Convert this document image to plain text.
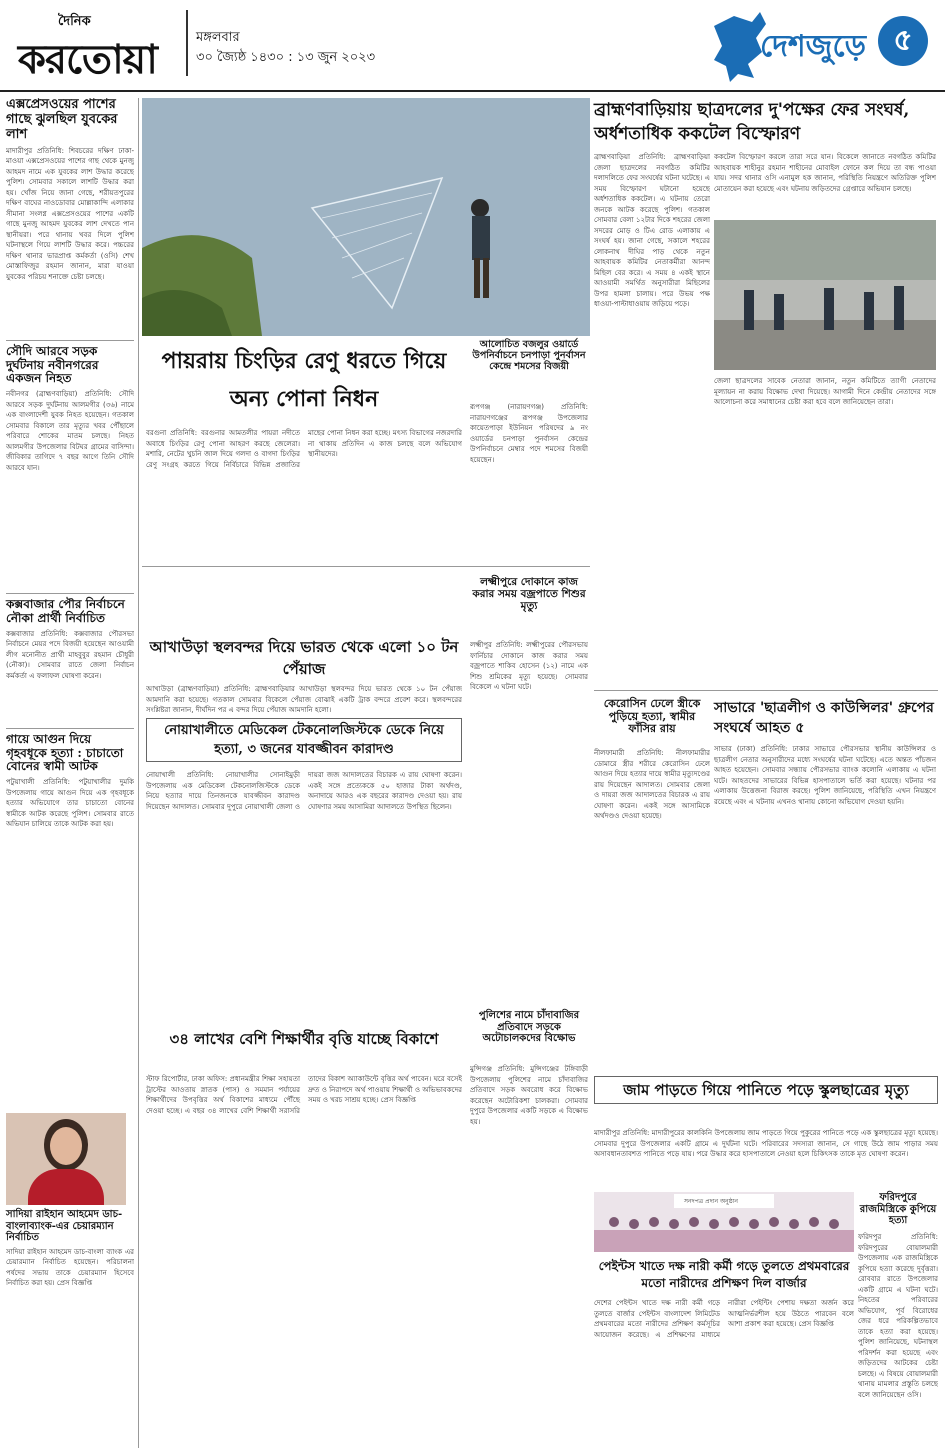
দৈনিক
করতোয়া	মঙ্গলবার
৩০ জ্যৈষ্ঠ ১৪৩০ : ১৩ জুন ২০২৩	দেশজুড়ে ৫
এক্সপ্রেসওয়ের পাশের গাছে ঝুলছিল যুবকের লাশ
মাদারীপুর প্রতিনিধি: শিবচরের দক্ষিণ ঢাকা-মাওয়া এক্সপ্রেসওয়ের পাশের গাছ থেকে মুনজু আহমদ নামে এক যুবকের লাশ উদ্ধার করেছে পুলিশ। সোমবার সকালে লাশটি উদ্ধার করা হয়। খোঁজ নিয়ে জানা গেছে, শরীয়তপুরের দক্ষিণ বাঘের নাওডোবার মোল্লাকান্দি এলাকার সীমানা সংলগ্ন এক্সপ্রেসওয়ের পাশের একটি গাছে মুনজু আহমদ যুবকের লাশ দেখতে পান স্থানীয়রা। পরে থানায় খবর দিলে পুলিশ ঘটনাস্থলে গিয়ে লাশটি উদ্ধার করে। পচ্চরের দক্ষিণ থানার ভারপ্রাপ্ত কর্মকর্তা (ওসি) শেখ মোস্তাফিজুর রহমান জানান, মারা যাওয়া যুবকের পরিচয় শনাক্তে চেষ্টা চলছে।
সৌদি আরবে সড়ক দুর্ঘটনায় নবীনগরের একজন নিহত
নবীনগর (ব্রাহ্মণবাড়িয়া) প্রতিনিধি: সৌদি আরবে সড়ক দুর্ঘটনায় আলমগীর (৩৬) নামে এক বাংলাদেশী যুবক নিহত হয়েছেন। গতকাল সোমবার বিকালে তার মৃত্যুর খবর পৌঁছালে পরিবারে শোকের মাতম চলছে। নিহত আলমগীর উপজেলার বিটঘর গ্রামের বাসিন্দা। জীবিকার তাগিদে ৭ বছর আগে তিনি সৌদি আরবে যান।
কক্সবাজার পৌর নির্বাচনে নৌকা প্রার্থী নির্বাচিত
কক্সবাজার প্রতিনিধি: কক্সবাজার পৌরসভা নির্বাচনে মেয়র পদে বিজয়ী হয়েছেন আওয়ামী লীগ মনোনীত প্রার্থী মাহবুবুর রহমান চৌধুরী (নৌকা)। সোমবার রাতে জেলা নির্বাচন কর্মকর্তা এ ফলাফল ঘোষণা করেন।
গায়ে আগুন দিয়ে গৃহবধূকে হত্যা : চাচাতো বোনের স্বামী আটক
পটুয়াখালী প্রতিনিধি: পটুয়াখালীর দুমকি উপজেলায় গায়ে আগুন দিয়ে এক গৃহবধূকে হত্যার অভিযোগে তার চাচাতো বোনের স্বামীকে আটক করেছে পুলিশ। সোমবার রাতে অভিযান চালিয়ে তাকে আটক করা হয়।
সাদিয়া রাইহান আহমেদ ডাচ-বাংলাব্যাংক-এর চেয়ারম্যান নির্বাচিত
সাদিয়া রাইহান আহমেদ ডাচ-বাংলা ব্যাংক এর চেয়ারম্যান নির্বাচিত হয়েছেন। পরিচালনা পর্ষদের সভায় তাকে চেয়ারম্যান হিসেবে নির্বাচিত করা হয়। প্রেস বিজ্ঞপ্তি
পায়রায় চিংড়ির রেণু ধরতে গিয়ে অন্য পোনা নিধন
বরগুনা প্রতিনিধি: বরগুনার আমতলীর পায়রা নদীতে অবাধে চিংড়ির রেণু পোনা আহরণ করছে জেলেরা। মশারি, নেটের খুচনি জাল দিয়ে গলদা ও বাগদা চিংড়ির রেণু সংগ্রহ করতে গিয়ে নির্বিচারে বিভিন্ন প্রজাতির মাছের পোনা নিধন করা হচ্ছে। মৎস্য বিভাগের নজরদারি না থাকায় প্রতিদিন এ কাজ চলছে বলে অভিযোগ স্থানীয়দের।
আলোচিত বজলুর ওয়ার্ডে উপনির্বাচনে চনপাড়া পুনর্বাসন কেন্দ্রে শমসের বিজয়ী
রূপগঞ্জ (নারায়ণগঞ্জ) প্রতিনিধি: নারায়ণগঞ্জের রূপগঞ্জ উপজেলার কায়েতপাড়া ইউনিয়ন পরিষদের ৯ নং ওয়ার্ডের চনপাড়া পুনর্বাসন কেন্দ্রের উপনির্বাচনে মেম্বার পদে শমসের বিজয়ী হয়েছেন।
ব্রাহ্মণবাড়িয়ায় ছাত্রদলের দু'পক্ষের ফের সংঘর্ষ, অর্ধশতাধিক ককটেল বিস্ফোরণ
ব্রাহ্মণবাড়িয়া প্রতিনিধি: ব্রাহ্মণবাড়িয়া জেলা ছাত্রদলের নবগঠিত কমিটির দলাদলিতে ফের সংঘর্ষের ঘটনা ঘটেছে। এ সময় বিস্ফোরণ ঘটানো হয়েছে অর্ধশতাধিক ককটেল। এ ঘটনায় তেরো জনকে আটক করেছে পুলিশ। গতকাল সোমবার বেলা ১২টার দিকে শহরের জেলা সদরের মোড় ও টিএ রোড এলাকায় এ সংঘর্ষ হয়। জানা গেছে, সকালে শহরের লোকনাথ দীঘির পাড় থেকে নতুন আহবায়ক কমিটির নেতাকর্মীরা আনন্দ মিছিল বের করে। এ সময় ৪ একই স্থানে আওয়ামী সমর্থিত অনুসারীরা মিছিলের উপর হামলা চালায়। পরে উভয় পক্ষ ধাওয়া-পাল্টাধাওয়ায় জড়িয়ে পড়ে।
ককটেল বিস্ফোরণ করলে তারা সরে যান। বিকেলে জানাতে নবগঠিত কমিটির আহবায়ক শাহীনুর রহমান শাহীনের মোবাইল ফোনে কল দিয়ে তা বন্ধ পাওয়া যায়। সদর থানার ওসি এনামুল হক জানান, পরিস্থিতি নিয়ন্ত্রণে অতিরিক্ত পুলিশ মোতায়েন করা হয়েছে এবং ঘটনায় জড়িতদের গ্রেপ্তারে অভিযান চলছে।
জেলা ছাত্রদলের সাবেক নেতারা জানান, নতুন কমিটিতে ত্যাগী নেতাদের মূল্যায়ন না করায় বিক্ষোভ দেখা দিয়েছে। আগামী দিনে কেন্দ্রীয় নেতাদের সঙ্গে আলোচনা করে সমাধানের চেষ্টা করা হবে বলে জানিয়েছেন তারা।
সাভারে 'ছাত্রলীগ ও কাউন্সিলর' গ্রুপের সংঘর্ষে আহত ৫
সাভার (ঢাকা) প্রতিনিধি: ঢাকার সাভারে পৌরসভার স্থানীয় কাউন্সিলর ও ছাত্রলীগ নেতার অনুসারীদের মধ্যে সংঘর্ষের ঘটনা ঘটেছে। এতে অন্তত পাঁচজন আহত হয়েছেন। সোমবার সন্ধ্যায় পৌরসভার ব্যাংক কলোনি এলাকায় এ ঘটনা ঘটে। আহতদের সাভারের বিভিন্ন হাসপাতালে ভর্তি করা হয়েছে। ঘটনার পর এলাকায় উত্তেজনা বিরাজ করছে। পুলিশ জানিয়েছে, পরিস্থিতি এখন নিয়ন্ত্রণে রয়েছে এবং এ ঘটনায় এখনও থানায় কোনো অভিযোগ দেওয়া হয়নি।
কেরোসিন ঢেলে স্ত্রীকে পুড়িয়ে হত্যা, স্বামীর ফাঁসির রায়
নীলফামারী প্রতিনিধি: নীলফামারীর ডোমারে স্ত্রীর শরীরে কেরোসিন ঢেলে আগুন দিয়ে হত্যার দায়ে স্বামীর মৃত্যুদণ্ডের রায় দিয়েছেন আদালত। সোমবার জেলা ও দায়রা জজ আদালতের বিচারক এ রায় ঘোষণা করেন। একই সঙ্গে আসামিকে অর্থদণ্ডও দেওয়া হয়েছে।
আখাউড়া স্থলবন্দর দিয়ে ভারত থেকে এলো ১০ টন পেঁয়াজ
আখাউড়া (ব্রাহ্মণবাড়িয়া) প্রতিনিধি: ব্রাহ্মণবাড়িয়ার আখাউড়া স্থলবন্দর দিয়ে ভারত থেকে ১০ টন পেঁয়াজ আমদানি করা হয়েছে। গতকাল সোমবার বিকেলে পেঁয়াজ বোঝাই একটি ট্রাক বন্দরে প্রবেশ করে। স্থলবন্দরের সংশ্লিষ্টরা জানান, দীর্ঘদিন পর এ বন্দর দিয়ে পেঁয়াজ আমদানি হলো।
লক্ষ্মীপুরে দোকানে কাজ করার সময় বজ্রপাতে শিশুর মৃত্যু
লক্ষ্মীপুর প্রতিনিধি: লক্ষ্মীপুরের পৌরসভায় ফার্নিচার দোকানে কাজ করার সময় বজ্রপাতে শাকিব হোসেন (১২) নামে এক শিশু শ্রমিকের মৃত্যু হয়েছে। সোমবার বিকেলে এ ঘটনা ঘটে।
নোয়াখালীতে মেডিকেল টেকনোলজিস্টকে ডেকে নিয়ে হত্যা, ৩ জনের যাবজ্জীবন কারাদণ্ড
নোয়াখালী প্রতিনিধি: নোয়াখালীর সোনাইমুড়ী উপজেলায় এক মেডিকেল টেকনোলজিস্টকে ডেকে নিয়ে হত্যার দায়ে তিনজনকে যাবজ্জীবন কারাদণ্ড দিয়েছেন আদালত। সোমবার দুপুরে নোয়াখালী জেলা ও দায়রা জজ আদালতের বিচারক এ রায় ঘোষণা করেন। একই সঙ্গে প্রত্যেককে ৫০ হাজার টাকা অর্থদণ্ড, অনাদায়ে আরও এক বছরের কারাদণ্ড দেওয়া হয়। রায় ঘোষণার সময় আসামিরা আদালতে উপস্থিত ছিলেন।
৩৪ লাখের বেশি শিক্ষার্থীর বৃত্তি যাচ্ছে বিকাশে
স্টাফ রিপোর্টার, ঢাকা অফিস: প্রধানমন্ত্রীর শিক্ষা সহায়তা ট্রাস্টের আওতায় স্নাতক (পাস) ও সমমান পর্যায়ের শিক্ষার্থীদের উপবৃত্তির অর্থ বিকাশের মাধ্যমে পৌঁছে দেওয়া হচ্ছে। এ বছর ৩৪ লাখের বেশি শিক্ষার্থী সরাসরি তাদের বিকাশ অ্যাকাউন্টে বৃত্তির অর্থ পাবেন। ঘরে বসেই দ্রুত ও নিরাপদে অর্থ পাওয়ায় শিক্ষার্থী ও অভিভাবকদের সময় ও খরচ সাশ্রয় হচ্ছে। প্রেস বিজ্ঞপ্তি
পুলিশের নামে চাঁদাবাজির প্রতিবাদে সড়কে অটোচালকদের বিক্ষোভ
মুন্সিগঞ্জ প্রতিনিধি: মুন্সিগঞ্জের টঙ্গিবাড়ী উপজেলায় পুলিশের নামে চাঁদাবাজির প্রতিবাদে সড়ক অবরোধ করে বিক্ষোভ করেছেন অটোরিকশা চালকরা। সোমবার দুপুরে উপজেলার একটি সড়কে এ বিক্ষোভ হয়।
জাম পাড়তে গিয়ে পানিতে পড়ে স্কুলছাত্রের মৃত্যু
মাদারীপুর প্রতিনিধি: মাদারীপুরের কালকিনি উপজেলায় জাম পাড়তে গিয়ে পুকুরের পানিতে পড়ে এক স্কুলছাত্রের মৃত্যু হয়েছে। সোমবার দুপুরে উপজেলার একটি গ্রামে এ দুর্ঘটনা ঘটে। পরিবারের সদস্যরা জানান, সে গাছে উঠে জাম পাড়ার সময় অসাবধানতাবশত পানিতে পড়ে যায়। পরে উদ্ধার করে হাসপাতালে নেওয়া হলে চিকিৎসক তাকে মৃত ঘোষণা করেন।
সনদপত্র প্রদান অনুষ্ঠান
পেইন্টস খাতে দক্ষ নারী কর্মী গড়ে তুলতে প্রথমবারের মতো নারীদের প্রশিক্ষণ দিল বার্জার
দেশের পেইন্টস খাতে দক্ষ নারী কর্মী গড়ে তুলতে বার্জার পেইন্টস বাংলাদেশ লিমিটেড প্রথমবারের মতো নারীদের প্রশিক্ষণ কর্মসূচির আয়োজন করেছে। এ প্রশিক্ষণের মাধ্যমে নারীরা পেইন্টিং পেশায় দক্ষতা অর্জন করে আত্মনির্ভরশীল হয়ে উঠতে পারবেন বলে আশা প্রকাশ করা হয়েছে। প্রেস বিজ্ঞপ্তি
ফরিদপুরে রাজমিস্ত্রিকে কুপিয়ে হত্যা
ফরিদপুর প্রতিনিধি: ফরিদপুরের বোয়ালমারী উপজেলায় এক রাজমিস্ত্রিকে কুপিয়ে হত্যা করেছে দুর্বৃত্তরা। রোববার রাতে উপজেলার একটি গ্রামে এ ঘটনা ঘটে। নিহতের পরিবারের অভিযোগ, পূর্ব বিরোধের জের ধরে পরিকল্পিতভাবে তাকে হত্যা করা হয়েছে। পুলিশ জানিয়েছে, ঘটনাস্থল পরিদর্শন করা হয়েছে এবং জড়িতদের আটকের চেষ্টা চলছে। এ বিষয়ে বোয়ালমারী থানায় মামলার প্রস্তুতি চলছে বলে জানিয়েছেন ওসি।
